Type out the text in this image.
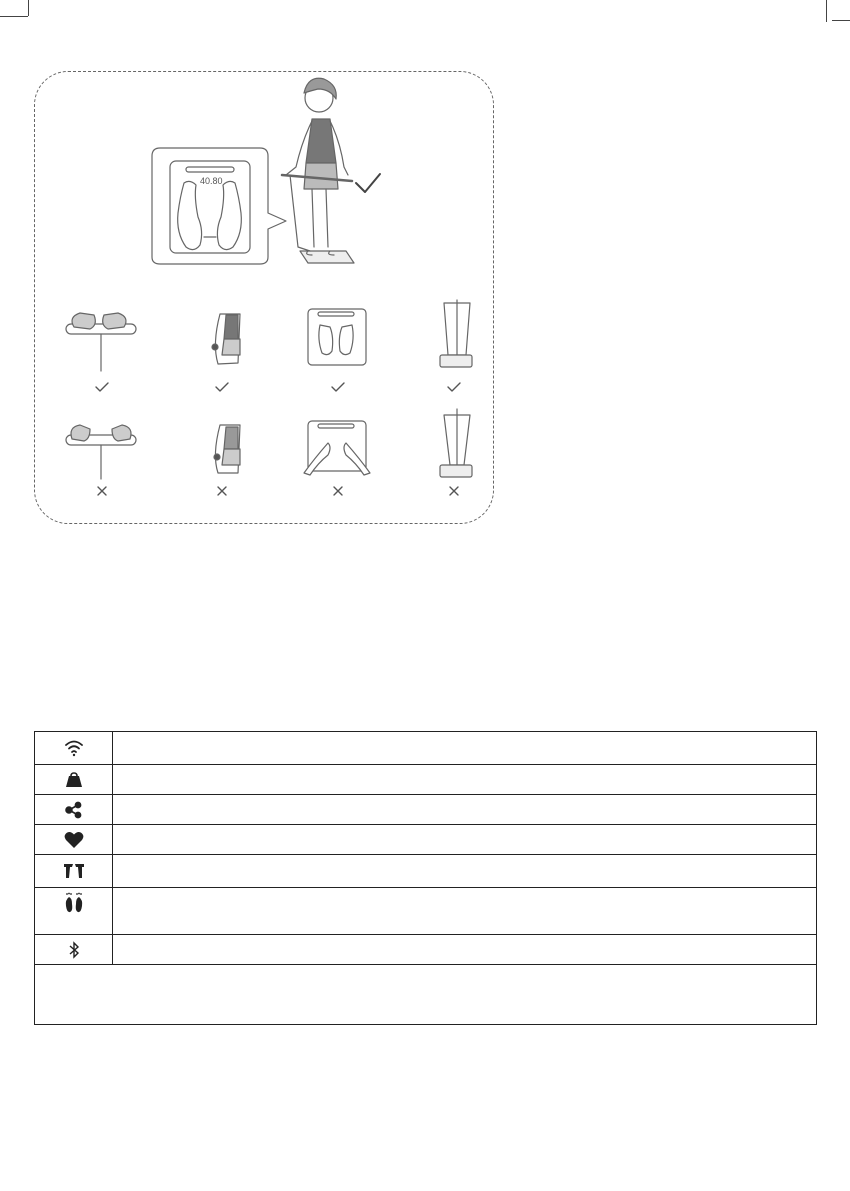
40.80
